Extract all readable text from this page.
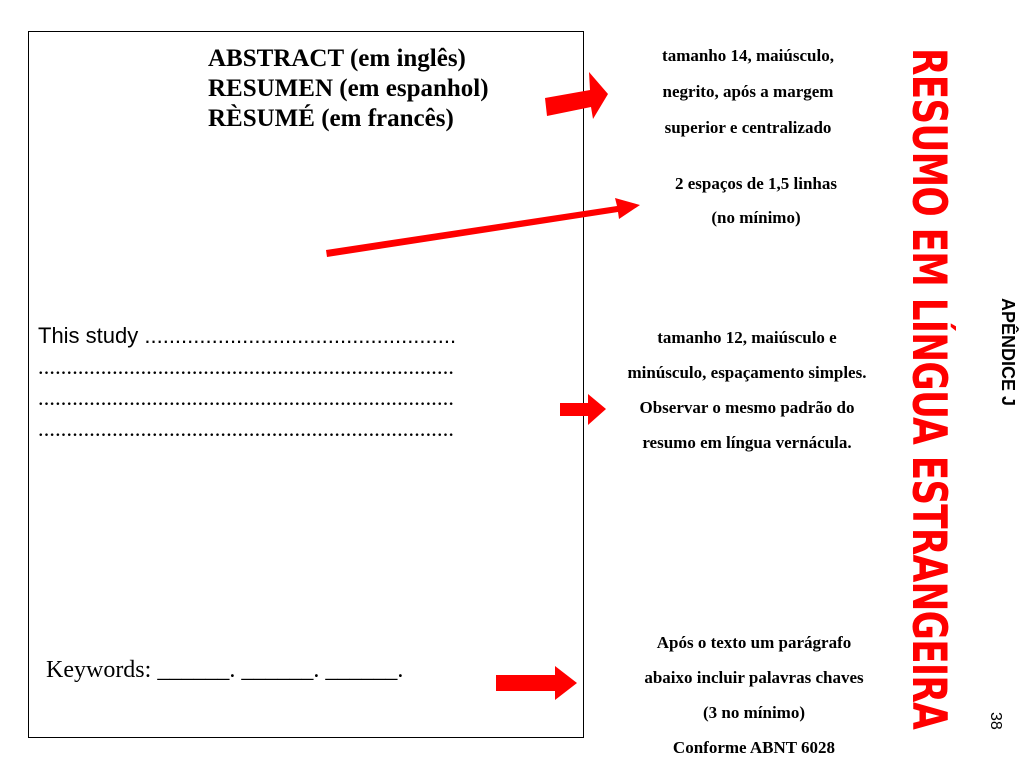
ABSTRACT (em inglês)
RESUMEN (em espanhol)
RÈSUMÉ (em francês)
This study ...................................................
.........................................................................
.........................................................................
.........................................................................
Keywords: ______. ______. ______.
tamanho 14, maiúsculo,
negrito, após a margem
superior e centralizado
2 espaços de 1,5 linhas
(no mínimo)
tamanho 12, maiúsculo e
minúsculo, espaçamento simples.
Observar o mesmo padrão do
resumo em língua vernácula.
Após o texto um parágrafo
abaixo incluir palavras chaves
(3 no mínimo)
Conforme ABNT 6028
RESUMO EM LÍNGUA ESTRANGEIRA APÊNDICE J
38
